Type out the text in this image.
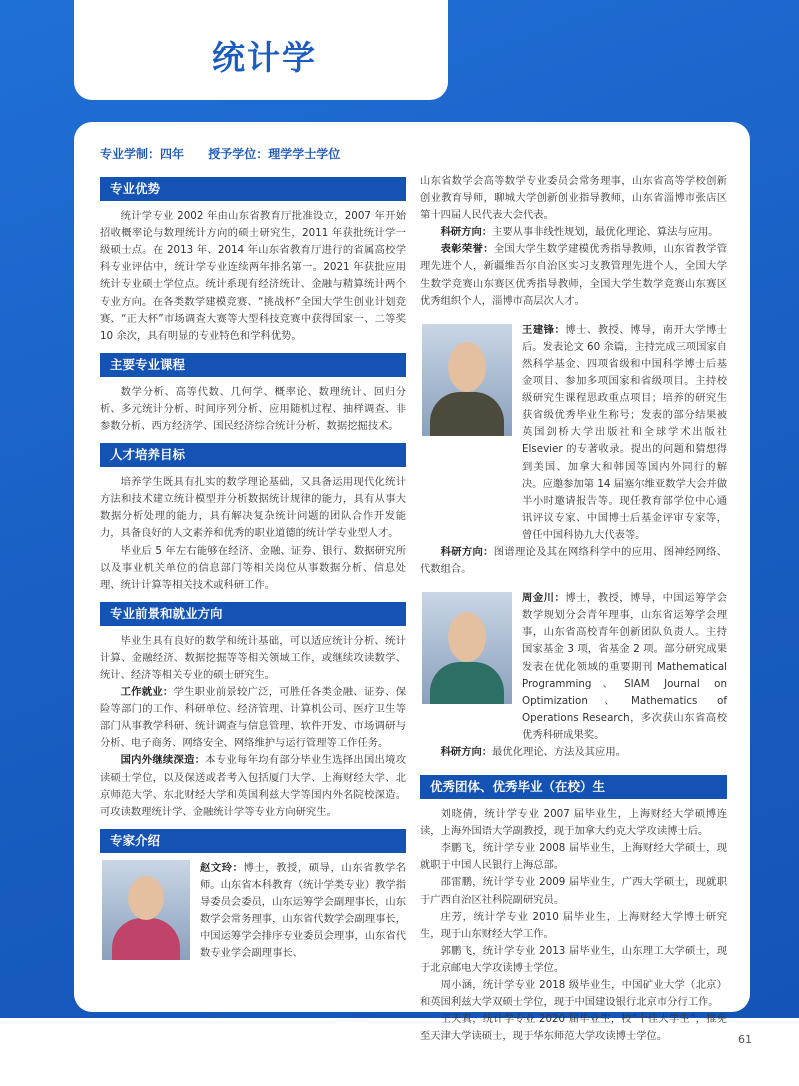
统计学
专业学制：四年 授予学位：理学学士学位
专业优势

统计学专业 2002 年由山东省教育厅批准设立，2007 年开始招收概率论与数理统计方向的硕士研究生，2011 年获批统计学一级硕士点。在 2013 年、2014 年山东省教育厅进行的省属高校学科专业评估中，统计学专业连续两年排名第一。2021 年获批应用统计专业硕士学位点。统计系现有经济统计、金融与精算统计两个专业方向。在各类数学建模竞赛、“挑战杯”全国大学生创业计划竞赛、“正大杯”市场调查大赛等大型科技竞赛中获得国家一、二等奖 10 余次，具有明显的专业特色和学科优势。

主要专业课程

数学分析、高等代数、几何学、概率论、数理统计、回归分析、多元统计分析、时间序列分析、应用随机过程、抽样调查、非参数分析、西方经济学、国民经济综合统计分析、数据挖掘技术。

人才培养目标

培养学生既具有扎实的数学理论基础，又具备运用现代化统计方法和技术建立统计模型并分析数据统计规律的能力，具有从事大数据分析处理的能力，具有解决复杂统计问题的团队合作开发能力，具备良好的人文素养和优秀的职业道德的统计学专业型人才。

毕业后 5 年左右能够在经济、金融、证券、银行、数据研究所以及事业机关单位的信息部门等相关岗位从事数据分析、信息处理、统计计算等相关技术或科研工作。

专业前景和就业方向

毕业生具有良好的数学和统计基础，可以适应统计分析、统计计算、金融经济、数据挖掘等等相关领域工作，或继续攻读数学、统计、经济等相关专业的硕士研究生。

工作就业：学生职业前景较广泛，可胜任各类金融、证券、保险等部门的工作、科研单位、经济管理、计算机公司、医疗卫生等部门从事教学科研、统计调查与信息管理、软件开发、市场调研与分析、电子商务、网络安全、网络维护与运行管理等工作任务。

国内外继续深造：本专业每年均有部分毕业生选择出国出境攻读硕士学位，以及保送或者考入包括厦门大学、上海财经大学、北京师范大学、东北财经大学和英国利兹大学等国内外名院校深造。可攻读数理统计学、金融统计学等专业方向研究生。

专家介绍

赵文玲：博士，教授，硕导，山东省教学名师。山东省本科教育（统计学类专业）教学指导委员会委员，山东运筹学会副理事长，山东数学会常务理事，山东省代数学会副理事长，中国运筹学会排序专业委员会理事，山东省代数专业学会副理事长、

山东省数学会高等数学专业委员会常务理事，山东省高等学校创新创业教育导师，聊城大学创新创业指导教师，山东省淄博市张店区第十四届人民代表大会代表。

科研方向：主要从事非线性规划，最优化理论、算法与应用。

表彰荣誉：全国大学生数学建模优秀指导教师，山东省教学管理先进个人，新疆维吾尔自治区实习支教管理先进个人，全国大学生数学竞赛山东赛区优秀指导教师，全国大学生数学竞赛山东赛区优秀组织个人，淄博市高层次人才。

王建锋：博士、教授、博导，南开大学博士后。发表论文 60 余篇，主持完成三项国家自然科学基金、四项省级和中国科学博士后基金项目、参加多项国家和省级项目。主持校级研究生课程思政重点项目；培养的研究生获省级优秀毕业生称号；发表的部分结果被英国剑桥大学出版社和全球学术出版社 Elsevier 的专著收录。提出的问题和猜想得到美国、加拿大和韩国等国内外同行的解决。应邀参加第 14 届塞尔维亚数学大会并做半小时邀请报告等。现任教育部学位中心通讯评议专家、中国博士后基金评审专家等，曾任中国科协九大代表等。

科研方向：图谱理论及其在网络科学中的应用、图神经网络、代数组合。

周金川：博士，教授，博导，中国运筹学会数学规划分会青年理事，山东省运筹学会理事，山东省高校青年创新团队负责人。主持国家基金 3 项，省基金 2 项。部分研究成果发表在优化领域的重要期刊 Mathematical Programming、SIAM Journal on Optimization、Mathematics of Operations Research，多次获山东省高校优秀科研成果奖。

科研方向：最优化理论、方法及其应用。

优秀团体、优秀毕业（在校）生

刘晓倩，统计学专业 2007 届毕业生，上海财经大学硕博连读，上海外国语大学副教授，现于加拿大约克大学攻读博士后。

李鹏飞，统计学专业 2008 届毕业生，上海财经大学硕士，现就职于中国人民银行上海总部。

邵雷鹏，统计学专业 2009 届毕业生，广西大学硕士，现就职于广西自治区社科院副研究员。

庄芳，统计学专业 2010 届毕业生，上海财经大学博士研究生，现于山东财经大学工作。

郭鹏飞，统计学专业 2013 届毕业生，山东理工大学硕士，现于北京邮电大学攻读博士学位。

周小涵，统计学专业 2018 级毕业生，中国矿业大学（北京）和英国利兹大学双硕士学位，现于中国建设银行北京市分行工作。

王天真，统计学专业 2020 届毕业生，校“十佳大学生”，推免至天津大学读硕士，现于华东师范大学攻读博士学位。	61
